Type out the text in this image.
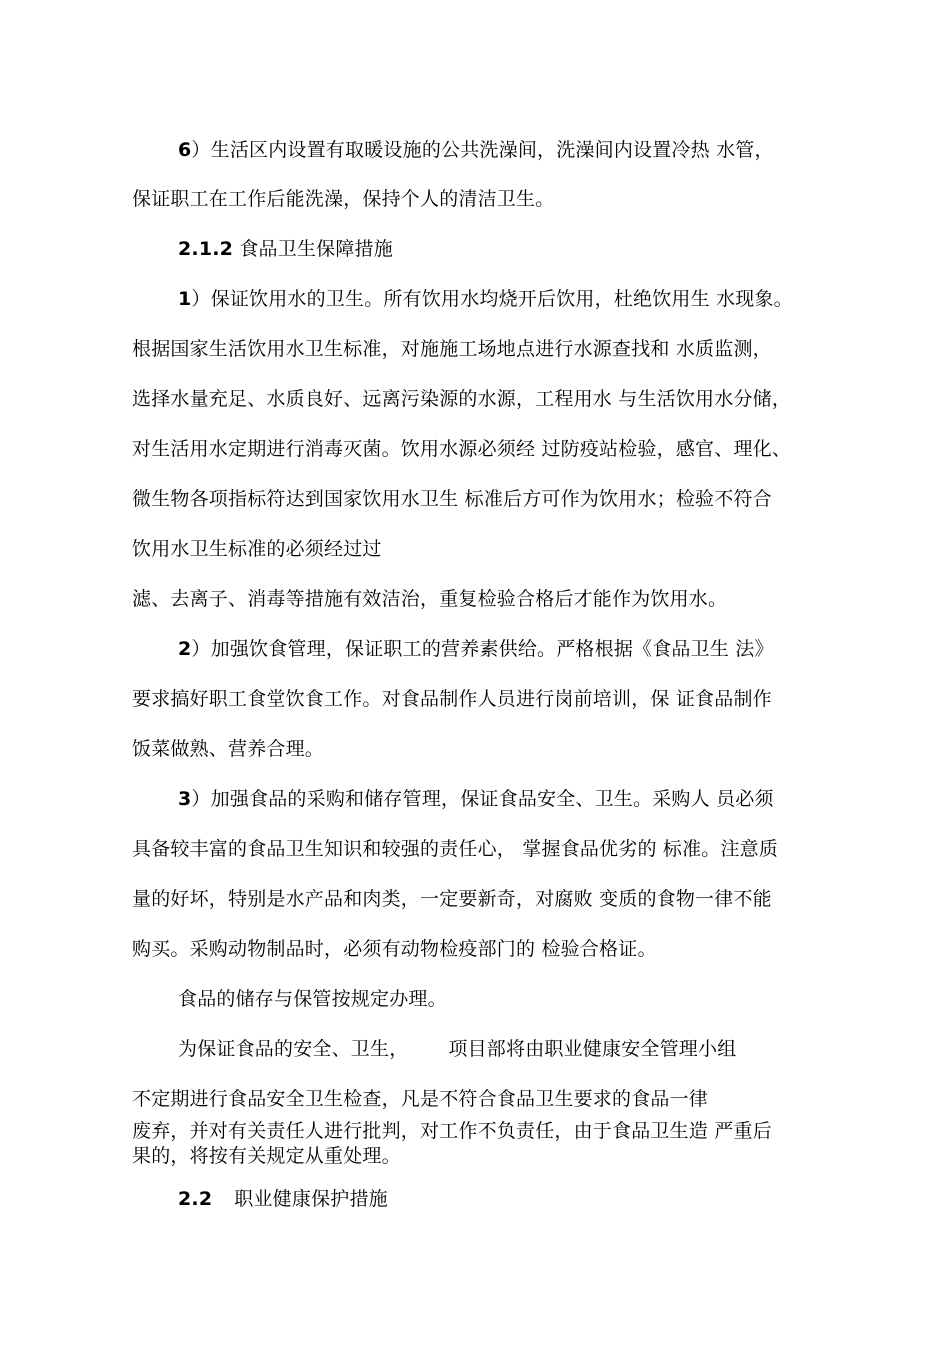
6）生活区内设置有取暖设施的公共洗澡间，洗澡间内设置冷热 水管，
保证职工在工作后能洗澡，保持个人的清洁卫生。
2.1.2 食品卫生保障措施
1）保证饮用水的卫生。所有饮用水均烧开后饮用，杜绝饮用生 水现象。
根据国家生活饮用水卫生标准，对施施工场地点进行水源查找和 水质监测，
选择水量充足、水质良好、远离污染源的水源，工程用水 与生活饮用水分储，
对生活用水定期进行消毒灭菌。饮用水源必须经 过防疫站检验，感官、理化、
微生物各项指标符达到国家饮用水卫生 标准后方可作为饮用水；检验不符合
饮用水卫生标准的必须经过过
滤、去离子、消毒等措施有效洁治，重复检验合格后才能作为饮用水。
2）加强饮食管理，保证职工的营养素供给。严格根据《食品卫生 法》
要求搞好职工食堂饮食工作。对食品制作人员进行岗前培训，保 证食品制作
饭菜做熟、营养合理。
3）加强食品的采购和储存管理，保证食品安全、卫生。采购人 员必须
具备较丰富的食品卫生知识和较强的责任心， 掌握食品优劣的 标准。注意质
量的好坏，特别是水产品和肉类，一定要新奇，对腐败 变质的食物一律不能
购买。采购动物制品时，必须有动物检疫部门的 检验合格证。
食品的储存与保管按规定办理。
为保证食品的安全、卫生， 项目部将由职业健康安全管理小组
不定期进行食品安全卫生检查，凡是不符合食品卫生要求的食品一律
废弃，并对有关责任人进行批判，对工作不负责任，由于食品卫生造 严重后
果的，将按有关规定从重处理。
2.2 职业健康保护措施
